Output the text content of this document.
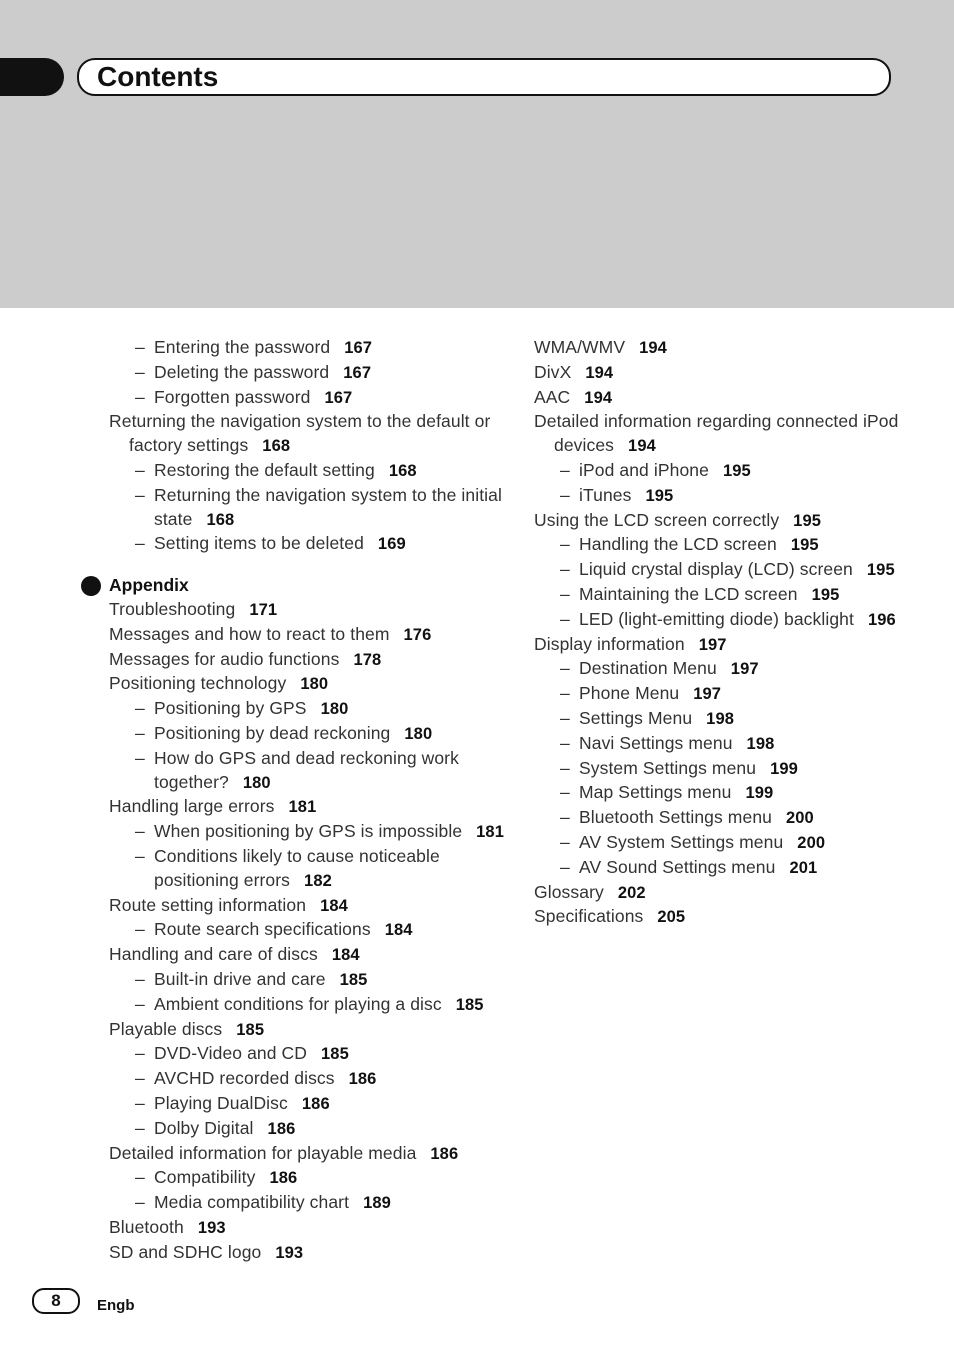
Contents
– Entering the password 167
– Deleting the password 167
– Forgotten password 167
Returning the navigation system to the default or factory settings 168
– Restoring the default setting 168
– Returning the navigation system to the initial state 168
– Setting items to be deleted 169
Appendix
Troubleshooting 171
Messages and how to react to them 176
Messages for audio functions 178
Positioning technology 180
– Positioning by GPS 180
– Positioning by dead reckoning 180
– How do GPS and dead reckoning work together? 180
Handling large errors 181
– When positioning by GPS is impossible 181
– Conditions likely to cause noticeable positioning errors 182
Route setting information 184
– Route search specifications 184
Handling and care of discs 184
– Built-in drive and care 185
– Ambient conditions for playing a disc 185
Playable discs 185
– DVD-Video and CD 185
– AVCHD recorded discs 186
– Playing DualDisc 186
– Dolby Digital 186
Detailed information for playable media 186
– Compatibility 186
– Media compatibility chart 189
Bluetooth 193
SD and SDHC logo 193
WMA/WMV 194
DivX 194
AAC 194
Detailed information regarding connected iPod devices 194
– iPod and iPhone 195
– iTunes 195
Using the LCD screen correctly 195
– Handling the LCD screen 195
– Liquid crystal display (LCD) screen 195
– Maintaining the LCD screen 195
– LED (light-emitting diode) backlight 196
Display information 197
– Destination Menu 197
– Phone Menu 197
– Settings Menu 198
– Navi Settings menu 198
– System Settings menu 199
– Map Settings menu 199
– Bluetooth Settings menu 200
– AV System Settings menu 200
– AV Sound Settings menu 201
Glossary 202
Specifications 205
8	Engb
